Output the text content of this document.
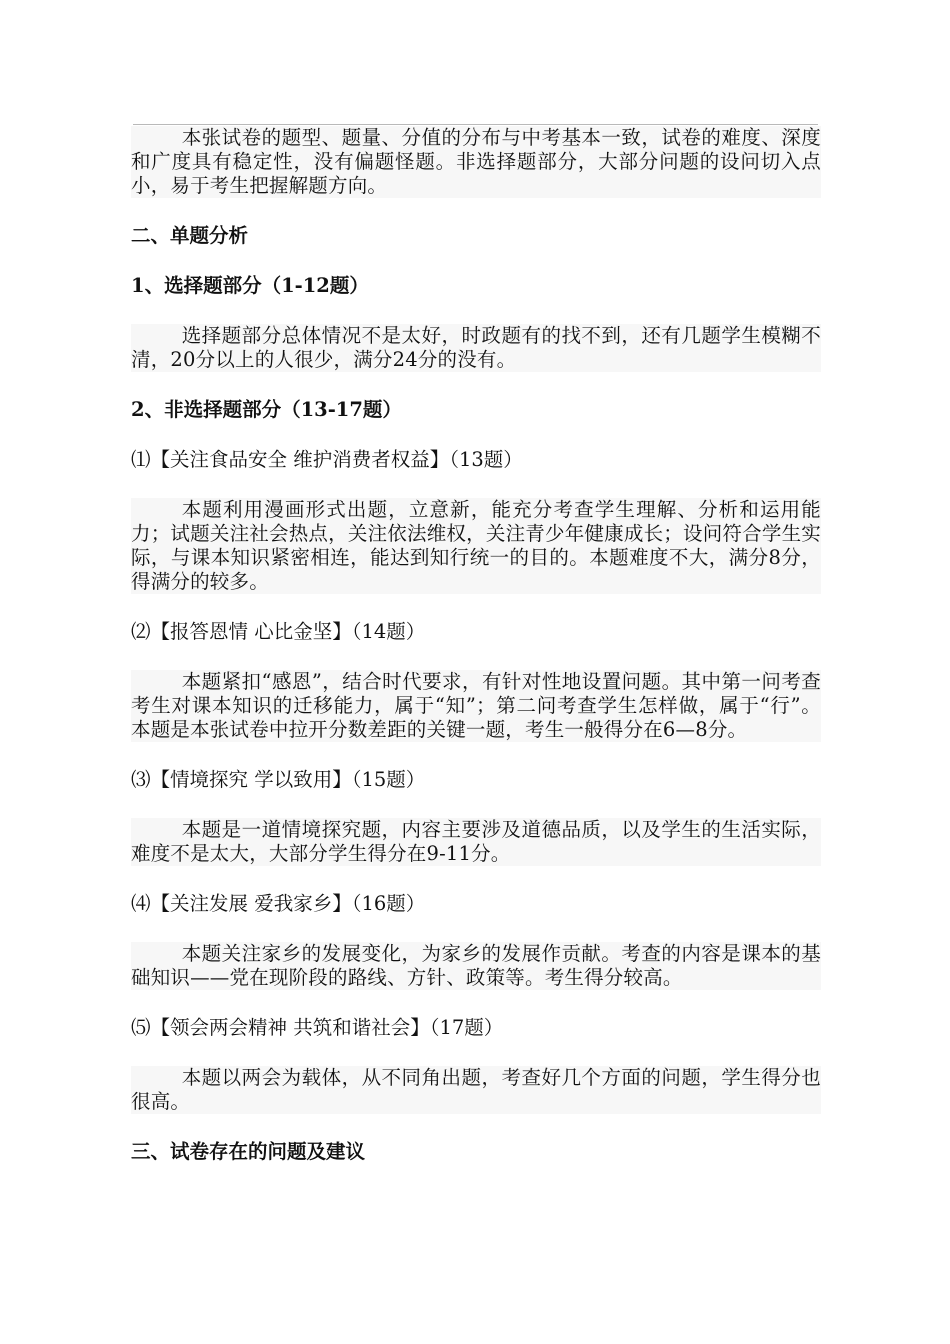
本张试卷的题型、题量、分值的分布与中考基本一致，试卷的难度、深度和广度具有稳定性，没有偏题怪题。非选择题部分，大部分问题的设问切入点小，易于考生把握解题方向。

二、单题分析

1、选择题部分（1-12题）

选择题部分总体情况不是太好，时政题有的找不到，还有几题学生模糊不清，20分以上的人很少，满分24分的没有。

2、非选择题部分（13-17题）

⑴【关注食品安全 维护消费者权益】（13题）

本题利用漫画形式出题，立意新，能充分考查学生理解、分析和运用能力；试题关注社会热点，关注依法维权，关注青少年健康成长；设问符合学生实际，与课本知识紧密相连，能达到知行统一的目的。本题难度不大，满分8分，得满分的较多。

⑵【报答恩情 心比金坚】（14题）

本题紧扣“感恩”，结合时代要求，有针对性地设置问题。其中第一问考查考生对课本知识的迁移能力，属于“知”；第二问考查学生怎样做，属于“行”。本题是本张试卷中拉开分数差距的关键一题，考生一般得分在6—8分。

⑶【情境探究 学以致用】（15题）

本题是一道情境探究题，内容主要涉及道德品质，以及学生的生活实际，难度不是太大，大部分学生得分在9-11分。

⑷【关注发展 爱我家乡】（16题）

本题关注家乡的发展变化，为家乡的发展作贡献。考查的内容是课本的基础知识——党在现阶段的路线、方针、政策等。考生得分较高。

⑸【领会两会精神 共筑和谐社会】（17题）

本题以两会为载体，从不同角出题，考查好几个方面的问题，学生得分也很高。

三、试卷存在的问题及建议
